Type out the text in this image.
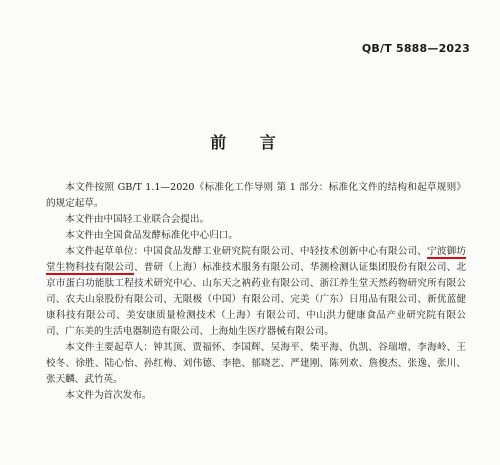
QB/T 5888—2023
前 言

本文件按照 GB/T 1.1—2020《标准化工作导则 第 1 部分：标准化文件的结构和起草规则》的规定起草。

本文件由中国轻工业联合会提出。

本文件由全国食品发酵标准化中心归口。

本文件起草单位：中国食品发酵工业研究院有限公司、中轻技术创新中心有限公司、宁波御坊堂生物科技有限公司、普研（上海）标准技术服务有限公司、华测检测认证集团股份有限公司、北京市蛋白功能肽工程技术研究中心、山东天之衲药业有限公司、浙江养生堂天然药物研究所有限公司、农夫山泉股份有限公司、无限极（中国）有限公司、完美（广东）日用品有限公司、新优蓝健康科技有限公司、美安康质量检测技术（上海）有限公司、中山洪力健康食品产业研究院有限公司、广东美的生活电器制造有限公司、上海灿生医疗器械有限公司。

本文件主要起草人：钟其顶、贾福怀、李国辉、吴海平、柴平海、仇凯、谷瑞增、李海岭、王校冬、徐胜、陆心怡、孙红梅、刘伟德、李艳、郁晓艺、严建刚、陈列欢、詹俊杰、张逸、张川、张天麟、武竹英。

本文件为首次发布。
